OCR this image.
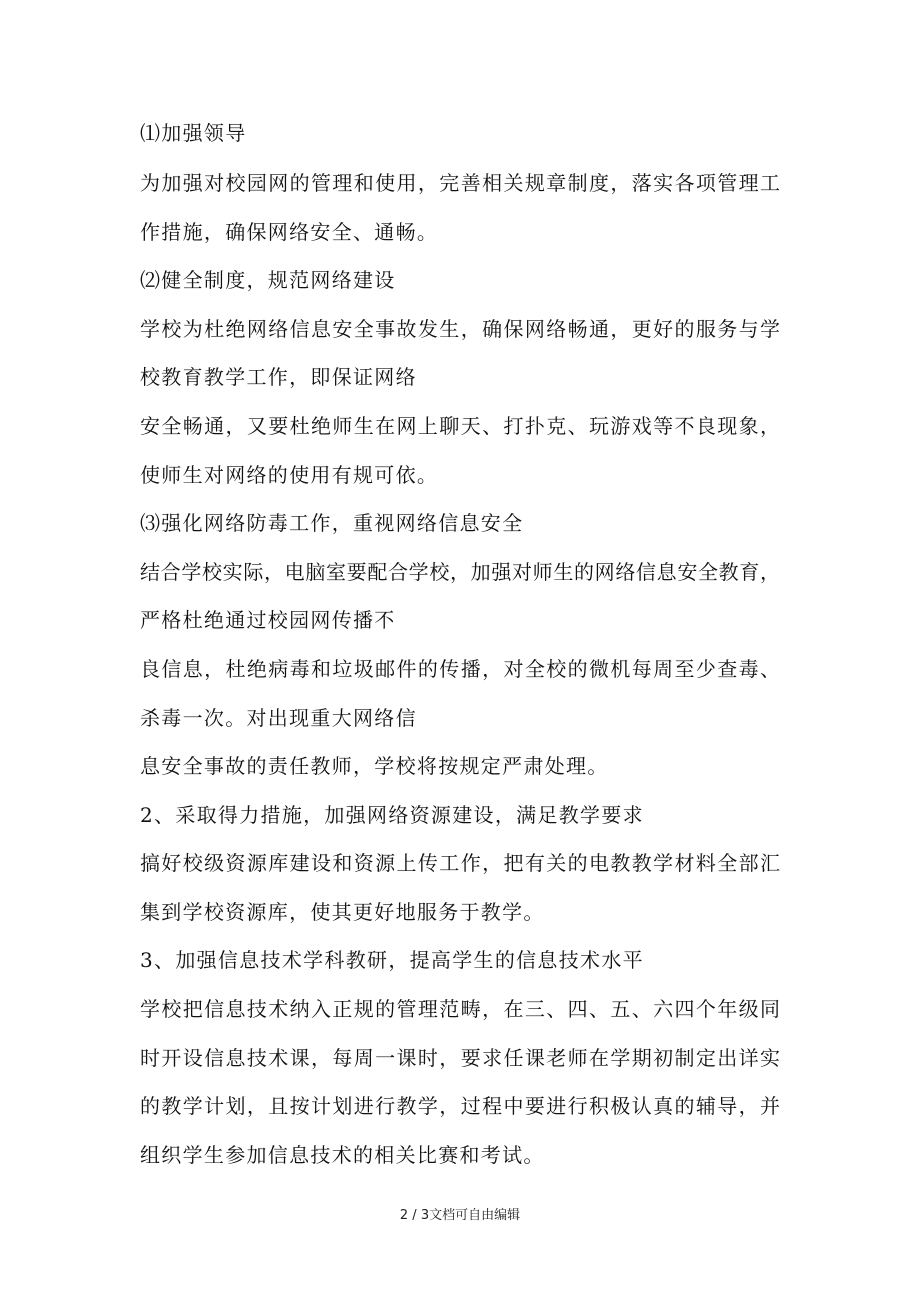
⑴加强领导
为加强对校园网的管理和使用，完善相关规章制度，落实各项管理工
作措施，确保网络安全、通畅。
⑵健全制度，规范网络建设
学校为杜绝网络信息安全事故发生，确保网络畅通，更好的服务与学
校教育教学工作，即保证网络
安全畅通，又要杜绝师生在网上聊天、打扑克、玩游戏等不良现象，
使师生对网络的使用有规可依。
⑶强化网络防毒工作，重视网络信息安全
结合学校实际，电脑室要配合学校，加强对师生的网络信息安全教育，
严格杜绝通过校园网传播不
良信息，杜绝病毒和垃圾邮件的传播，对全校的微机每周至少查毒、
杀毒一次。对出现重大网络信
息安全事故的责任教师，学校将按规定严肃处理。
2、采取得力措施，加强网络资源建设，满足教学要求
搞好校级资源库建设和资源上传工作，把有关的电教教学材料全部汇
集到学校资源库，使其更好地服务于教学。
3、加强信息技术学科教研，提高学生的信息技术水平
学校把信息技术纳入正规的管理范畴，在三、四、五、六四个年级同
时开设信息技术课，每周一课时，要求任课老师在学期初制定出详实
的教学计划，且按计划进行教学，过程中要进行积极认真的辅导，并
组织学生参加信息技术的相关比赛和考试。
2 / 3文档可自由编辑
